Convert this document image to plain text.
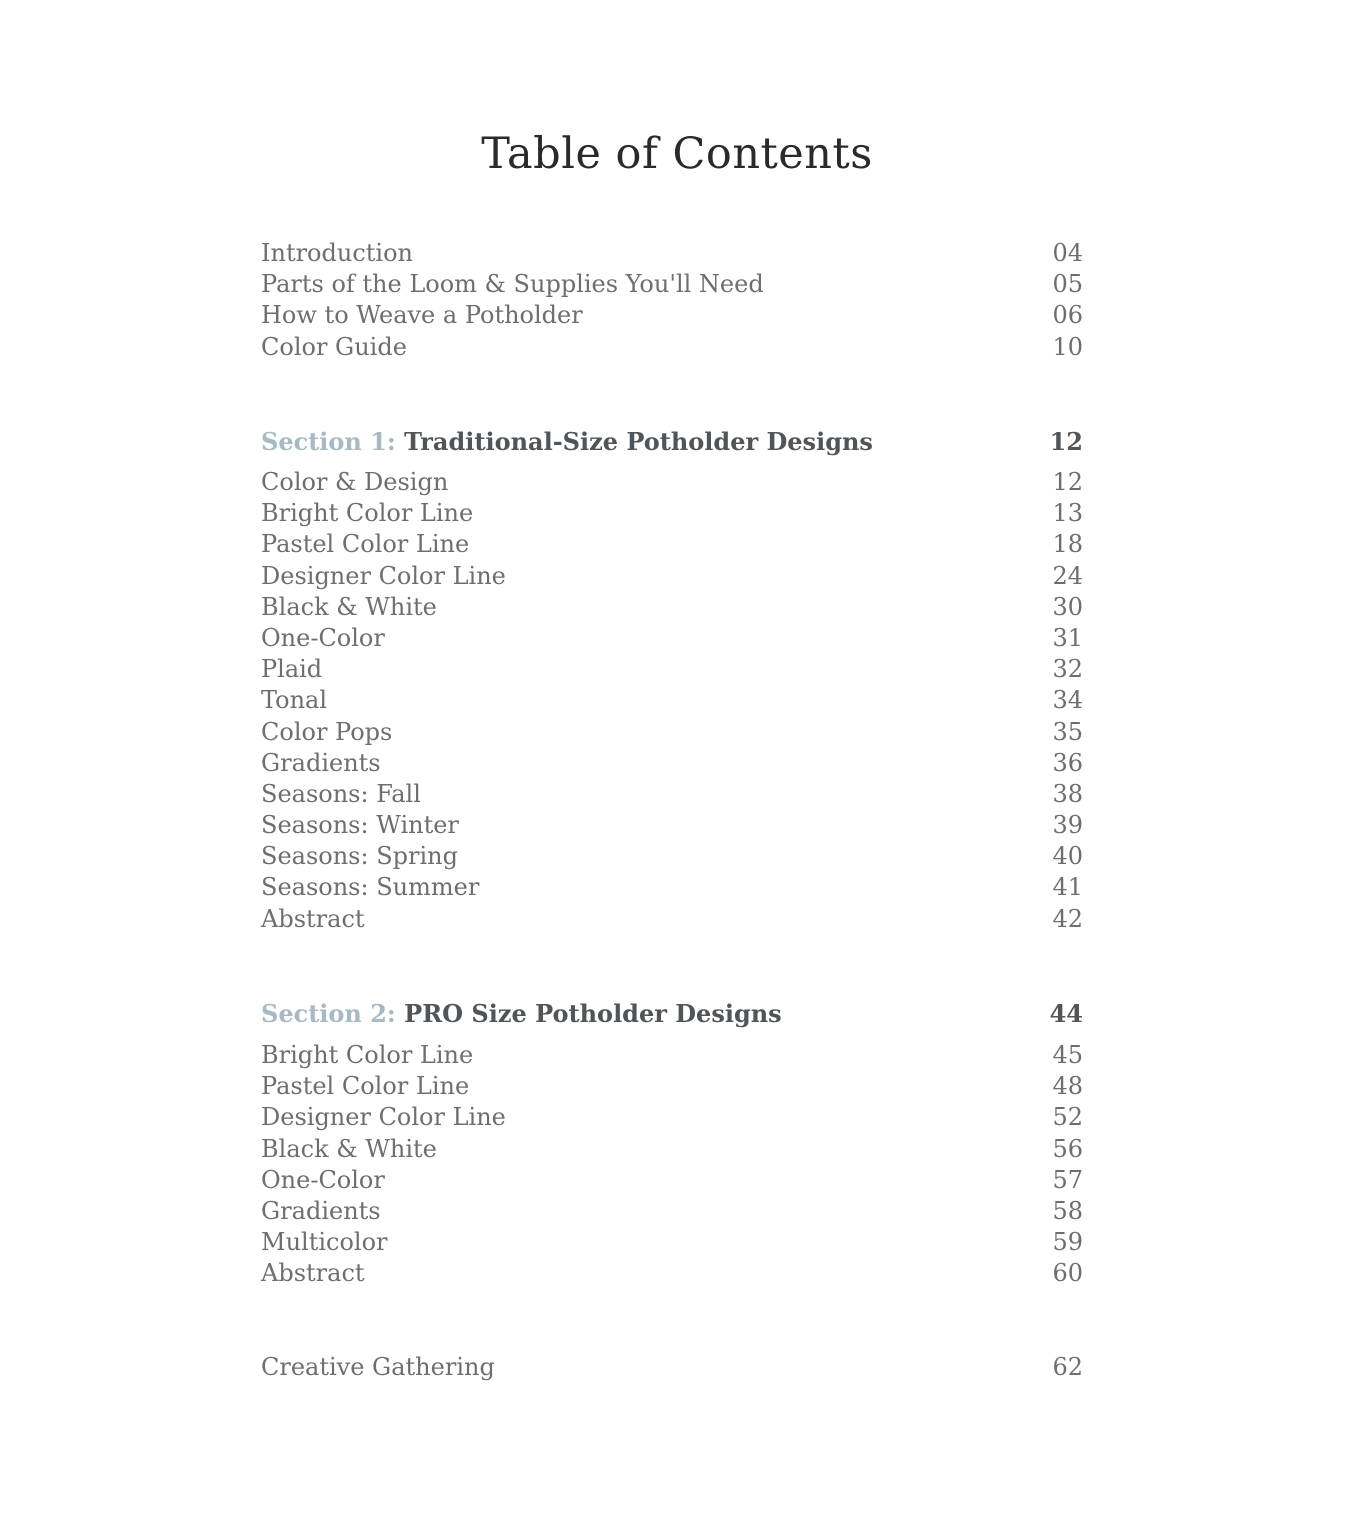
Table of Contents
Introduction	04
Parts of the Loom & Supplies You'll Need	05
How to Weave a Potholder	06
Color Guide	10
Section 1: Traditional-Size Potholder Designs	12
Color & Design	12
Bright Color Line	13
Pastel Color Line	18
Designer Color Line	24
Black & White	30
One-Color	31
Plaid	32
Tonal	34
Color Pops	35
Gradients	36
Seasons: Fall	38
Seasons: Winter	39
Seasons: Spring	40
Seasons: Summer	41
Abstract	42
Section 2: PRO Size Potholder Designs	44
Bright Color Line	45
Pastel Color Line	48
Designer Color Line	52
Black & White	56
One-Color	57
Gradients	58
Multicolor	59
Abstract	60
Creative Gathering	62
